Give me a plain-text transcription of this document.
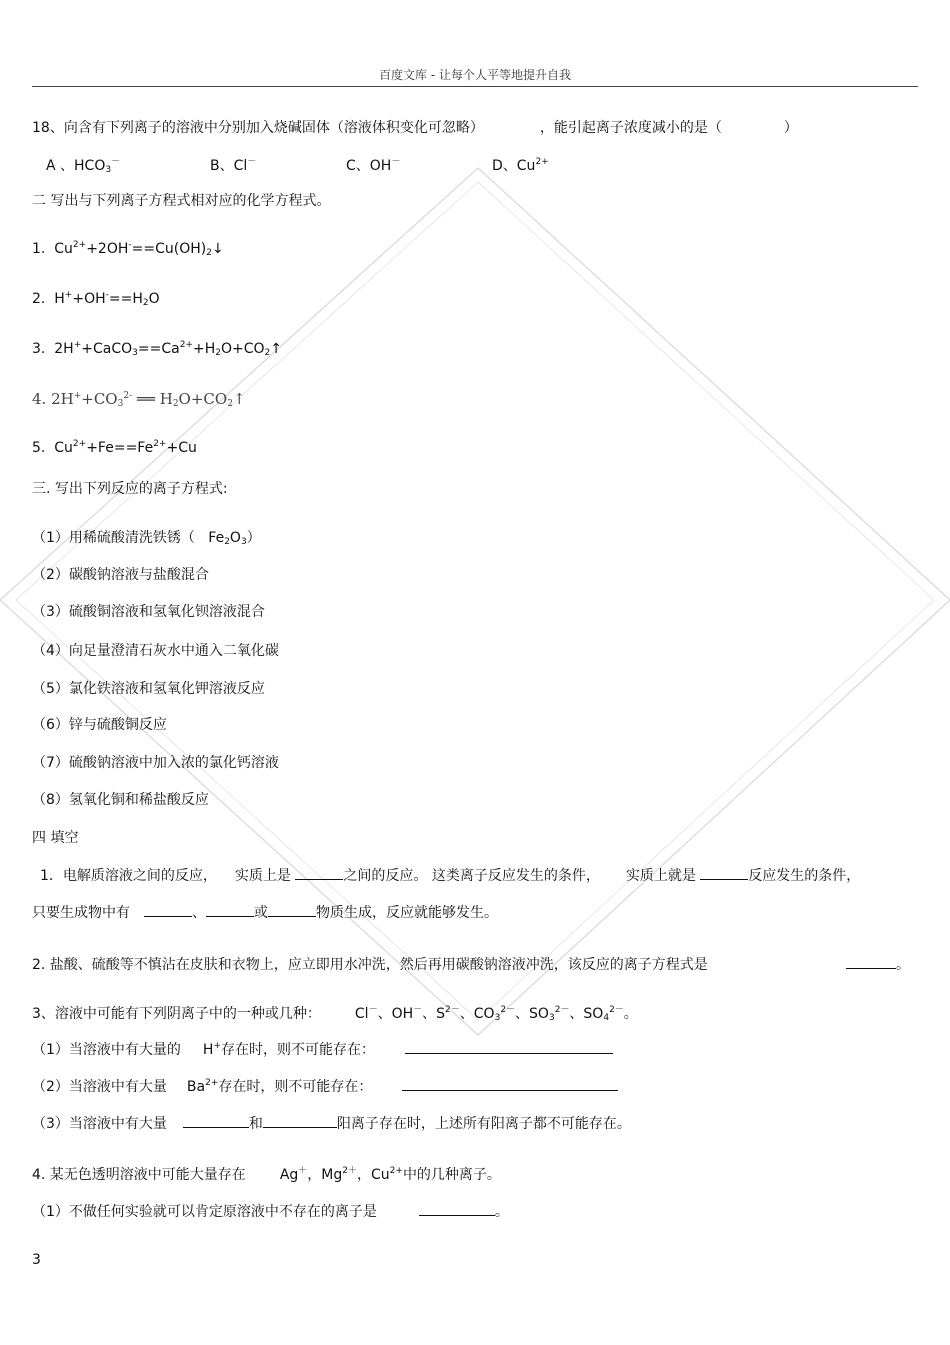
百度文库 - 让每个人平等地提升自我
18、向含有下列离子的溶液中分别加入烧碱固体（溶液体积变化可忽略）	，能引起离子浓度减小的是（	）
A 、$HCO_3^-$	B、Cl－	C、OH－	D、$Cu^{2+}$
二 写出与下列离子方程式相对应的化学方程式。
1. $Cu^{2+}+2OH^-==Cu(OH)_2↓$
2. $H^++OH^-==H_2O$
3. $2H^++CaCO_3==Ca^{2+}+H_2O+CO_2↑$
4. $2H^++CO_3^{2-}$ ══ $H_2O+CO_2↑$
5. $Cu^{2+}+Fe==Fe^{2+}+Cu$
三. 写出下列反应的离子方程式:
（1）用稀硫酸清洗铁锈（ $Fe_2O_3$）
（2）碳酸钠溶液与盐酸混合
（3）硫酸铜溶液和氢氧化钡溶液混合
（4）向足量澄清石灰水中通入二氧化碳
（5）氯化铁溶液和氢氧化钾溶液反应
（6）锌与硫酸铜反应
（7）硫酸钠溶液中加入浓的氯化钙溶液
（8）氢氧化铜和稀盐酸反应
四 填空
1．电解质溶液之间的反应， 实质上是	之间的反应。 这类离子反应发生的条件， 实质上就是	反应发生的条件，
只要生成物中有	、	或	物质生成，反应就能够发生。
2. 盐酸、硫酸等不慎沾在皮肤和衣物上，应立即用水冲洗，然后再用碳酸钠溶液冲洗，该反应的离子方程式是	。
3、溶液中可能有下列阴离子中的一种或几种： Cl－、OH－、$S^{2-}$、$CO_3^{2-}$、$SO_3^{2-}$、$SO_4^{2-}$。
（1）当溶液中有大量的 H+存在时，则不可能存在：
（2）当溶液中有大量 $Ba^{2+}$存在时，则不可能存在：
（3）当溶液中有大量	和	阳离子存在时，上述所有阳离子都不可能存在。
4. 某无色透明溶液中可能大量存在 Ag＋，$Mg^{2+}$，$Cu^{2+}$中的几种离子。
（1）不做任何实验就可以肯定原溶液中不存在的离子是	。
3
